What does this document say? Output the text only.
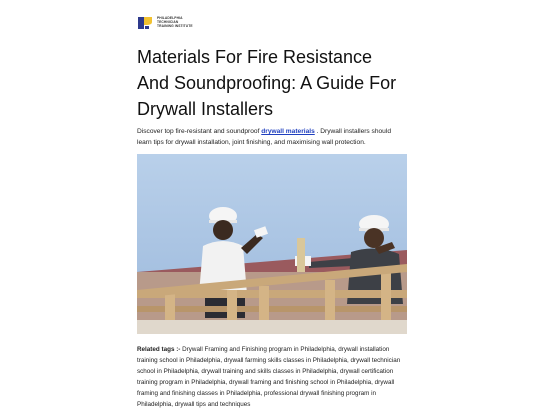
PHILADELPHIA
TECHNICIAN
TRAINING INSTITUTE
Materials For Fire Resistance And Soundproofing: A Guide For Drywall Installers

Discover top fire-resistant and soundproof drywall materials . Drywall installers should learn tips for drywall installation, joint finishing, and maximising wall protection.

Related tags :- Drywall Framing and Finishing program in Philadelphia, drywall installation training school in Philadelphia, drywall farming skills classes in Philadelphia, drywall technician school in Philadelphia, drywall training and skills classes in Philadelphia, drywall certification training program in Philadelphia, drywall framing and finishing school in Philadelphia, drywall framing and finishing classes in Philadelphia, professional drywall finishing program in Philadelphia, drywall tips and techniques
